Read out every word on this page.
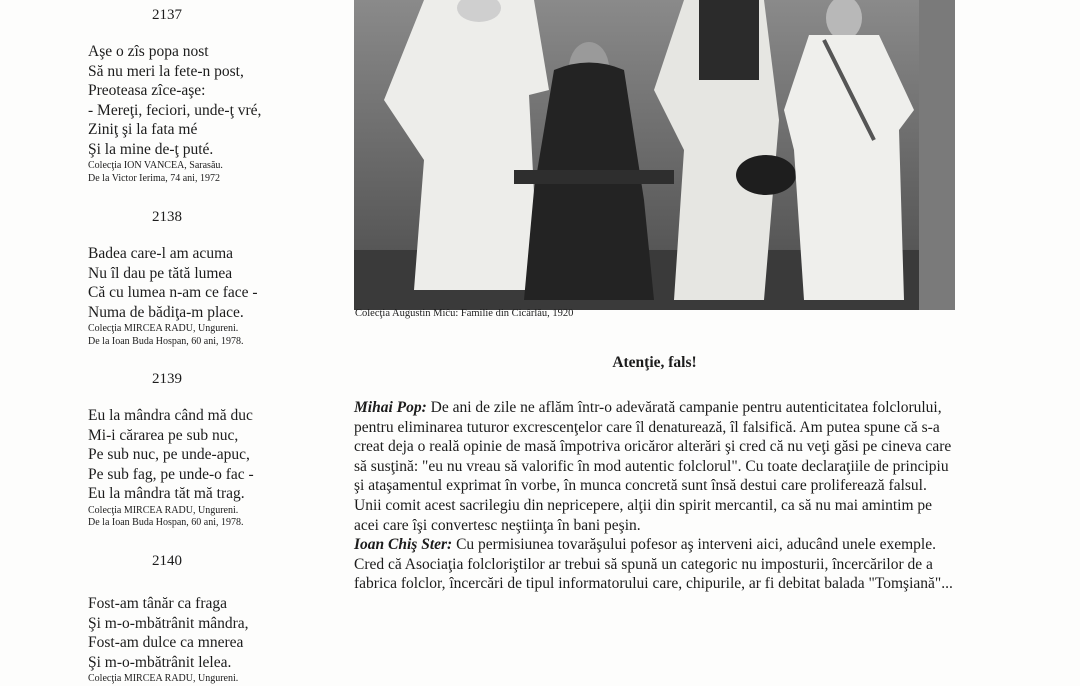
2137
Aşe o zîs popa nost
Să nu meri la fete-n post,
Preoteasa zîce-aşe:
- Mereţi, feciori, unde-ţ vré,
Ziniţ şi la fata mé
Şi la mine de-ţ puté.
Colecţia ION VANCEA, Sarasău.
De la Victor Ierima, 74 ani, 1972
2138
Badea care-l am acuma
Nu îl dau pe tătă lumea
Că cu lumea n-am ce face -
Numa de bădiţa-m place.
Colecţia MIRCEA RADU, Ungureni.
De la Ioan Buda Hospan, 60 ani, 1978.
2139
Eu la mândra când mă duc
Mi-i cărarea pe sub nuc,
Pe sub nuc, pe unde-apuc,
Pe sub fag, pe unde-o fac -
Eu la mândra tăt mă trag.
Colecţia MIRCEA RADU, Ungureni.
De la Ioan Buda Hospan, 60 ani, 1978.
2140
Fost-am tânăr ca fraga
Şi m-o-mbătrânit mândra,
Fost-am dulce ca mnerea
Şi m-o-mbătrânit lelea.
Colecţia MIRCEA RADU, Ungureni.
Colecţia Augustin Miĉu: Familie din Cicârlău, 1920
Atenţie, fals!

Mihai Pop: De ani de zile ne aflăm într-o adevărată campanie pentru autenticitatea folclorului, pentru eliminarea tuturor excrescenţelor care îl denaturează, îl falsifică. Am putea spune că s-a creat deja o reală opinie de masă împotriva oricăror alterări şi cred că nu veţi găsi pe cineva care să susţină: "eu nu vreau să valorific în mod autentic folclorul". Cu toate declaraţiile de principiu şi ataşamentul exprimat în vorbe, în munca concretă sunt însă destui care proliferează falsul. Unii comit acest sacrilegiu din nepricepere, alţii din spirit mercantil, ca să nu mai amintim pe acei care îşi convertesc neştiinţa în bani peşin.

Ioan Chiş Ster: Cu permisiunea tovarăşului pofesor aş interveni aici, aducând unele exemple. Cred că Asociaţia folcloriştilor ar trebui să spună un categoric nu imposturii, încercărilor de a fabrica folclor, încercări de tipul informatorului care, chipurile, ar fi debitat balada "Tomşiană"...
